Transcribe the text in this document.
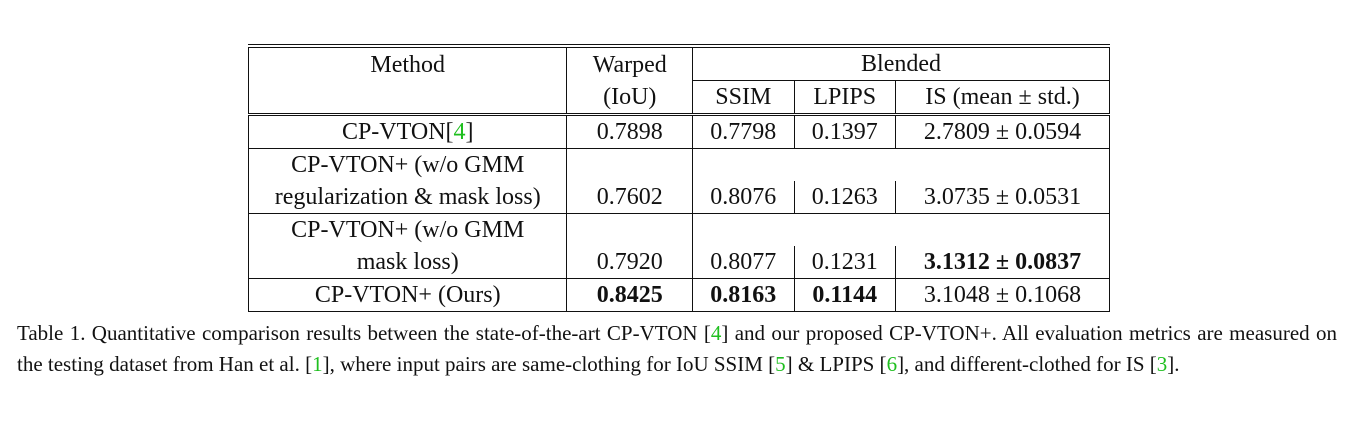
Method	Warped	Blended		
	(IoU)	SSIM	LPIPS	IS (mean ± std.)
CP-VTON[4]	0.7898	0.7798	0.1397	2.7809 ± 0.0594
CP-VTON+ (w/o GMM				
regularization & mask loss)	0.7602	0.8076	0.1263	3.0735 ± 0.0531
CP-VTON+ (w/o GMM				
mask loss)	0.7920	0.8077	0.1231	3.1312 ± 0.0837
CP-VTON+ (Ours)	0.8425	0.8163	0.1144	3.1048 ± 0.1068
Table 1. Quantitative comparison results between the state-of-the-art CP-VTON [4] and our proposed CP-VTON+. All evaluation metrics are measured on the testing dataset from Han et al. [1], where input pairs are same-clothing for IoU SSIM [5] & LPIPS [6], and different-clothed for IS [3].
